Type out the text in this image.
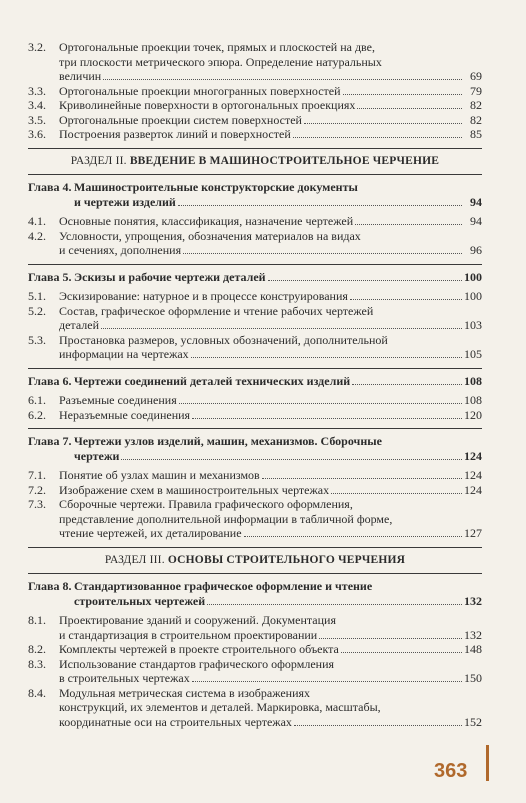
3.2.	Ортогональные проекции точек, прямых и плоскостей на две,
три плоскости метрического эпюра. Определение натуральных
величин	69
3.3.	Ортогональные проекции многогранных поверхностей	79
3.4.	Криволинейные поверхности в ортогональных проекциях	82
3.5.	Ортогональные проекции систем поверхностей	82
3.6.	Построения разверток линий и поверхностей	85
РАЗДЕЛ II. ВВЕДЕНИЕ В МАШИНОСТРОИТЕЛЬНОЕ ЧЕРЧЕНИЕ
Глава 4. Машиностроительные конструкторские документы
и чертежи изделий	94
4.1.	Основные понятия, классификация, назначение чертежей	94
4.2.	Условности, упрощения, обозначения материалов на видах
и сечениях, дополнения	96
Глава 5. Эскизы и рабочие чертежи деталей	100
5.1.	Эскизирование: натурное и в процессе конструирования	100
5.2.	Состав, графическое оформление и чтение рабочих чертежей
деталей	103
5.3.	Простановка размеров, условных обозначений, дополнительной
информации на чертежах	105
Глава 6. Чертежи соединений деталей технических изделий	108
6.1.	Разъемные соединения	108
6.2.	Неразъемные соединения	120
Глава 7. Чертежи узлов изделий, машин, механизмов. Сборочные
чертежи	124
7.1.	Понятие об узлах машин и механизмов	124
7.2.	Изображение схем в машиностроительных чертежах	124
7.3.	Сборочные чертежи. Правила графического оформления,
представление дополнительной информации в табличной форме,
чтение чертежей, их деталирование	127
РАЗДЕЛ III. ОСНОВЫ СТРОИТЕЛЬНОГО ЧЕРЧЕНИЯ
Глава 8. Стандартизованное графическое оформление и чтение
строительных чертежей	132
8.1.	Проектирование зданий и сооружений. Документация
и стандартизация в строительном проектировании	132
8.2.	Комплекты чертежей в проекте строительного объекта	148
8.3.	Использование стандартов графического оформления
в строительных чертежах	150
8.4.	Модульная метрическая система в изображениях
конструкций, их элементов и деталей. Маркировка, масштабы,
координатные оси на строительных чертежах	152
363
